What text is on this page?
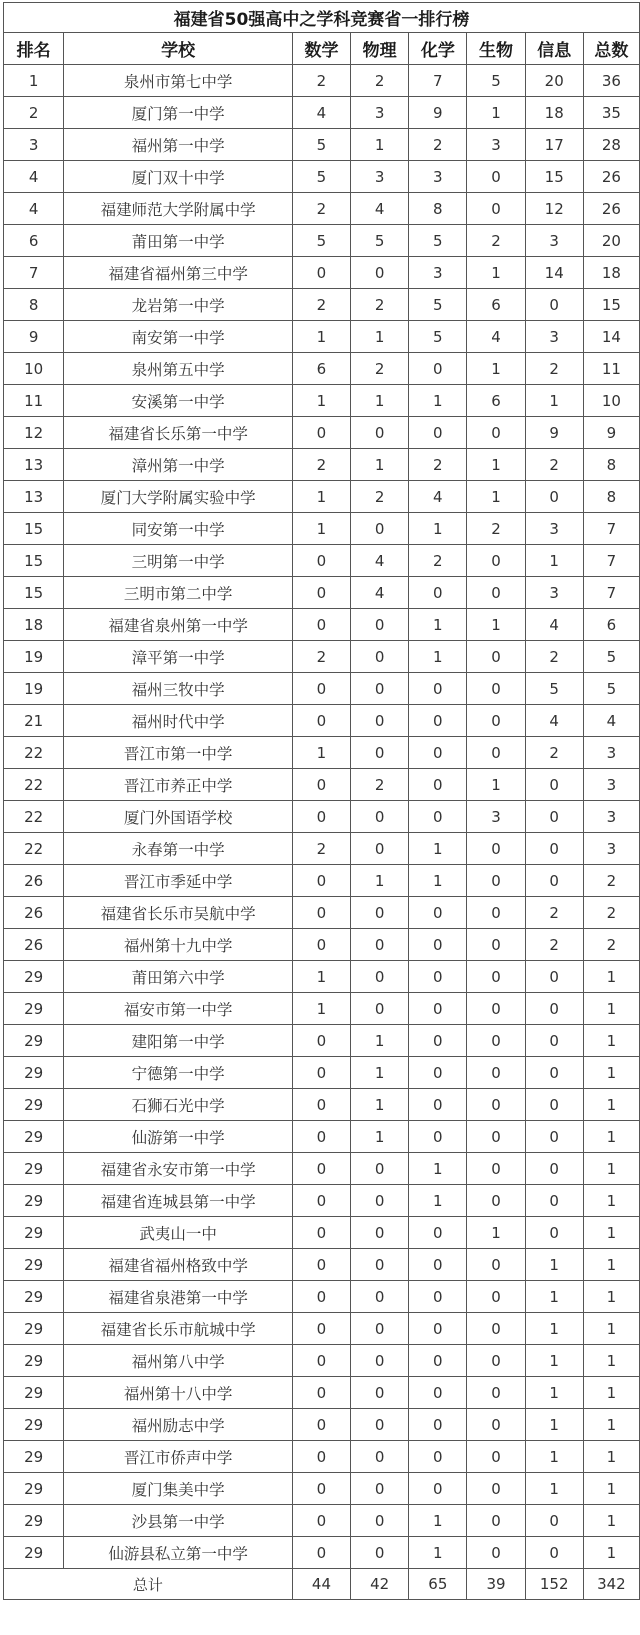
福建省50强高中之学科竞赛省一排行榜							
排名	学校	数学	物理	化学	生物	信息	总数
1	泉州市第七中学	2	2	7	5	20	36
2	厦门第一中学	4	3	9	1	18	35
3	福州第一中学	5	1	2	3	17	28
4	厦门双十中学	5	3	3	0	15	26
4	福建师范大学附属中学	2	4	8	0	12	26
6	莆田第一中学	5	5	5	2	3	20
7	福建省福州第三中学	0	0	3	1	14	18
8	龙岩第一中学	2	2	5	6	0	15
9	南安第一中学	1	1	5	4	3	14
10	泉州第五中学	6	2	0	1	2	11
11	安溪第一中学	1	1	1	6	1	10
12	福建省长乐第一中学	0	0	0	0	9	9
13	漳州第一中学	2	1	2	1	2	8
13	厦门大学附属实验中学	1	2	4	1	0	8
15	同安第一中学	1	0	1	2	3	7
15	三明第一中学	0	4	2	0	1	7
15	三明市第二中学	0	4	0	0	3	7
18	福建省泉州第一中学	0	0	1	1	4	6
19	漳平第一中学	2	0	1	0	2	5
19	福州三牧中学	0	0	0	0	5	5
21	福州时代中学	0	0	0	0	4	4
22	晋江市第一中学	1	0	0	0	2	3
22	晋江市养正中学	0	2	0	1	0	3
22	厦门外国语学校	0	0	0	3	0	3
22	永春第一中学	2	0	1	0	0	3
26	晋江市季延中学	0	1	1	0	0	2
26	福建省长乐市吴航中学	0	0	0	0	2	2
26	福州第十九中学	0	0	0	0	2	2
29	莆田第六中学	1	0	0	0	0	1
29	福安市第一中学	1	0	0	0	0	1
29	建阳第一中学	0	1	0	0	0	1
29	宁德第一中学	0	1	0	0	0	1
29	石狮石光中学	0	1	0	0	0	1
29	仙游第一中学	0	1	0	0	0	1
29	福建省永安市第一中学	0	0	1	0	0	1
29	福建省连城县第一中学	0	0	1	0	0	1
29	武夷山一中	0	0	0	1	0	1
29	福建省福州格致中学	0	0	0	0	1	1
29	福建省泉港第一中学	0	0	0	0	1	1
29	福建省长乐市航城中学	0	0	0	0	1	1
29	福州第八中学	0	0	0	0	1	1
29	福州第十八中学	0	0	0	0	1	1
29	福州励志中学	0	0	0	0	1	1
29	晋江市侨声中学	0	0	0	0	1	1
29	厦门集美中学	0	0	0	0	1	1
29	沙县第一中学	0	0	1	0	0	1
29	仙游县私立第一中学	0	0	1	0	0	1
总计		44	42	65	39	152	342
